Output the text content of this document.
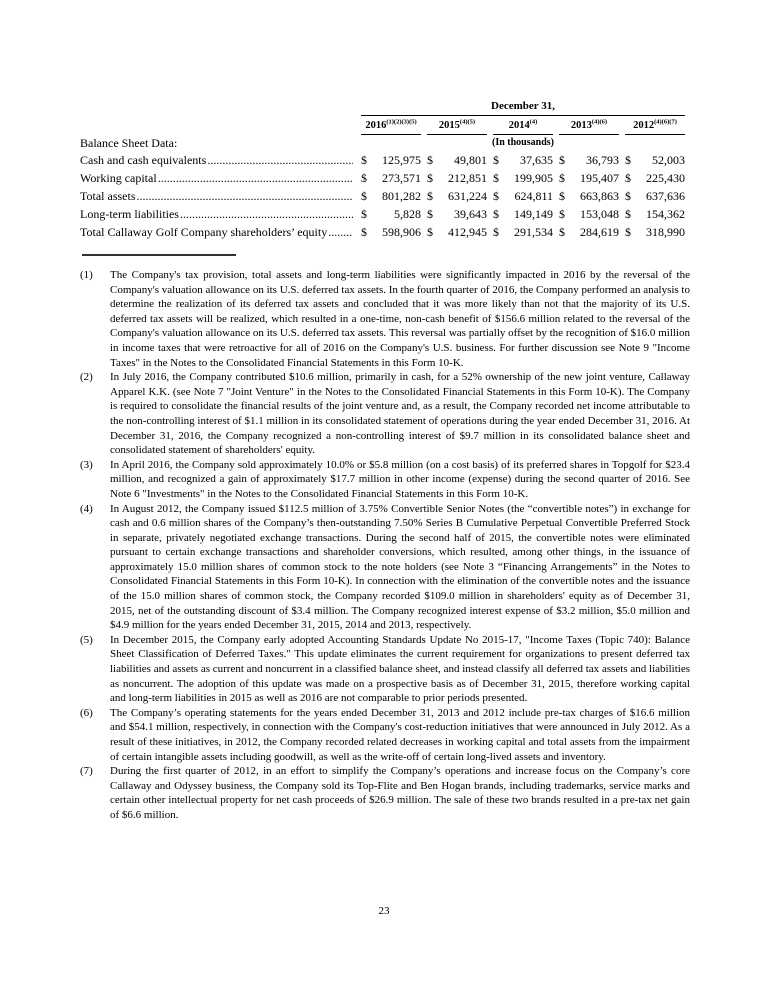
December 31,
$2016^{(1)(2)(3)(5)}$	$2015^{(4)(5)}$	2014$^{(4)}$	$2013^{(4)(6)}$	$2012^{(4)(6)(7)}$
Balance Sheet Data:	(In thousands)
Cash and cash equivalents .....	$ 125,975 $ 49,801 $ 37,635 $ 36,793 $ 52,003
Working capital .....	$ 273,571 $ 212,851 $ 199,905 $ 195,407 $ 225,430
Total assets .....	$ 801,282 $ 631,224 $ 624,811 $ 663,863 $ 637,636
Long-term liabilities .....	$ 5,828 $ 39,643 $ 149,149 $ 153,048 $ 154,362
Total Callaway Golf Company shareholders’ equity .....	$ 598,906 $ 412,945 $ 291,534 $ 284,619 $ 318,990
(1)	The Company's tax provision, total assets and long-term liabilities were significantly impacted in 2016 by the reversal of the Company's valuation allowance on its U.S. deferred tax assets. In the fourth quarter of 2016, the Company performed an analysis to determine the realization of its deferred tax assets and concluded that it was more likely than not that the majority of its U.S. deferred tax assets will be realized, which resulted in a one-time, non-cash benefit of $156.6 million related to the reversal of the Company's valuation allowance on its U.S. deferred tax assets. This reversal was partially offset by the recognition of $16.0 million in income taxes that were retroactive for all of 2016 on the Company's U.S. business. For further discussion see Note 9 "Income Taxes" in the Notes to the Consolidated Financial Statements in this Form 10-K.
(2)	In July 2016, the Company contributed $10.6 million, primarily in cash, for a 52% ownership of the new joint venture, Callaway Apparel K.K. (see Note 7 "Joint Venture" in the Notes to the Consolidated Financial Statements in this Form 10-K). The Company is required to consolidate the financial results of the joint venture and, as a result, the Company recorded net income attributable to the non-controlling interest of $1.1 million in its consolidated statement of operations during the year ended December 31, 2016. At December 31, 2016, the Company recognized a non-controlling interest of $9.7 million in its consolidated balance sheet and consolidated statement of shareholders' equity.
(3)	In April 2016, the Company sold approximately 10.0% or $5.8 million (on a cost basis) of its preferred shares in Topgolf for $23.4 million, and recognized a gain of approximately $17.7 million in other income (expense) during the second quarter of 2016. See Note 6 "Investments" in the Notes to the Consolidated Financial Statements in this Form 10-K.
(4)	In August 2012, the Company issued $112.5 million of 3.75% Convertible Senior Notes (the “convertible notes”) in exchange for cash and 0.6 million shares of the Company’s then-outstanding 7.50% Series B Cumulative Perpetual Convertible Preferred Stock in separate, privately negotiated exchange transactions. During the second half of 2015, the convertible notes were eliminated pursuant to certain exchange transactions and shareholder conversions, which resulted, among other things, in the issuance of approximately 15.0 million shares of common stock to the note holders (see Note 3 “Financing Arrangements” in the Notes to Consolidated Financial Statements in this Form 10-K). In connection with the elimination of the convertible notes and the issuance of the 15.0 million shares of common stock, the Company recorded $109.0 million in shareholders' equity as of December 31, 2015, net of the outstanding discount of $3.4 million. The Company recognized interest expense of $3.2 million, $5.0 million and $4.9 million for the years ended December 31, 2015, 2014 and 2013, respectively.
(5)	In December 2015, the Company early adopted Accounting Standards Update No 2015-17, "Income Taxes (Topic 740): Balance Sheet Classification of Deferred Taxes." This update eliminates the current requirement for organizations to present deferred tax liabilities and assets as current and noncurrent in a classified balance sheet, and instead classify all deferred tax assets and liabilities as noncurrent. The adoption of this update was made on a prospective basis as of December 31, 2015, therefore working capital and long-term liabilities in 2015 as well as 2016 are not comparable to prior periods presented.
(6)	The Company’s operating statements for the years ended December 31, 2013 and 2012 include pre-tax charges of $16.6 million and $54.1 million, respectively, in connection with the Company's cost-reduction initiatives that were announced in July 2012. As a result of these initiatives, in 2012, the Company recorded related decreases in working capital and total assets from the impairment of certain intangible assets including goodwill, as well as the write-off of certain long-lived assets and inventory.
(7)	During the first quarter of 2012, in an effort to simplify the Company’s operations and increase focus on the Company’s core Callaway and Odyssey business, the Company sold its Top-Flite and Ben Hogan brands, including trademarks, service marks and certain other intellectual property for net cash proceeds of $26.9 million. The sale of these two brands resulted in a pre-tax net gain of $6.6 million.
23
